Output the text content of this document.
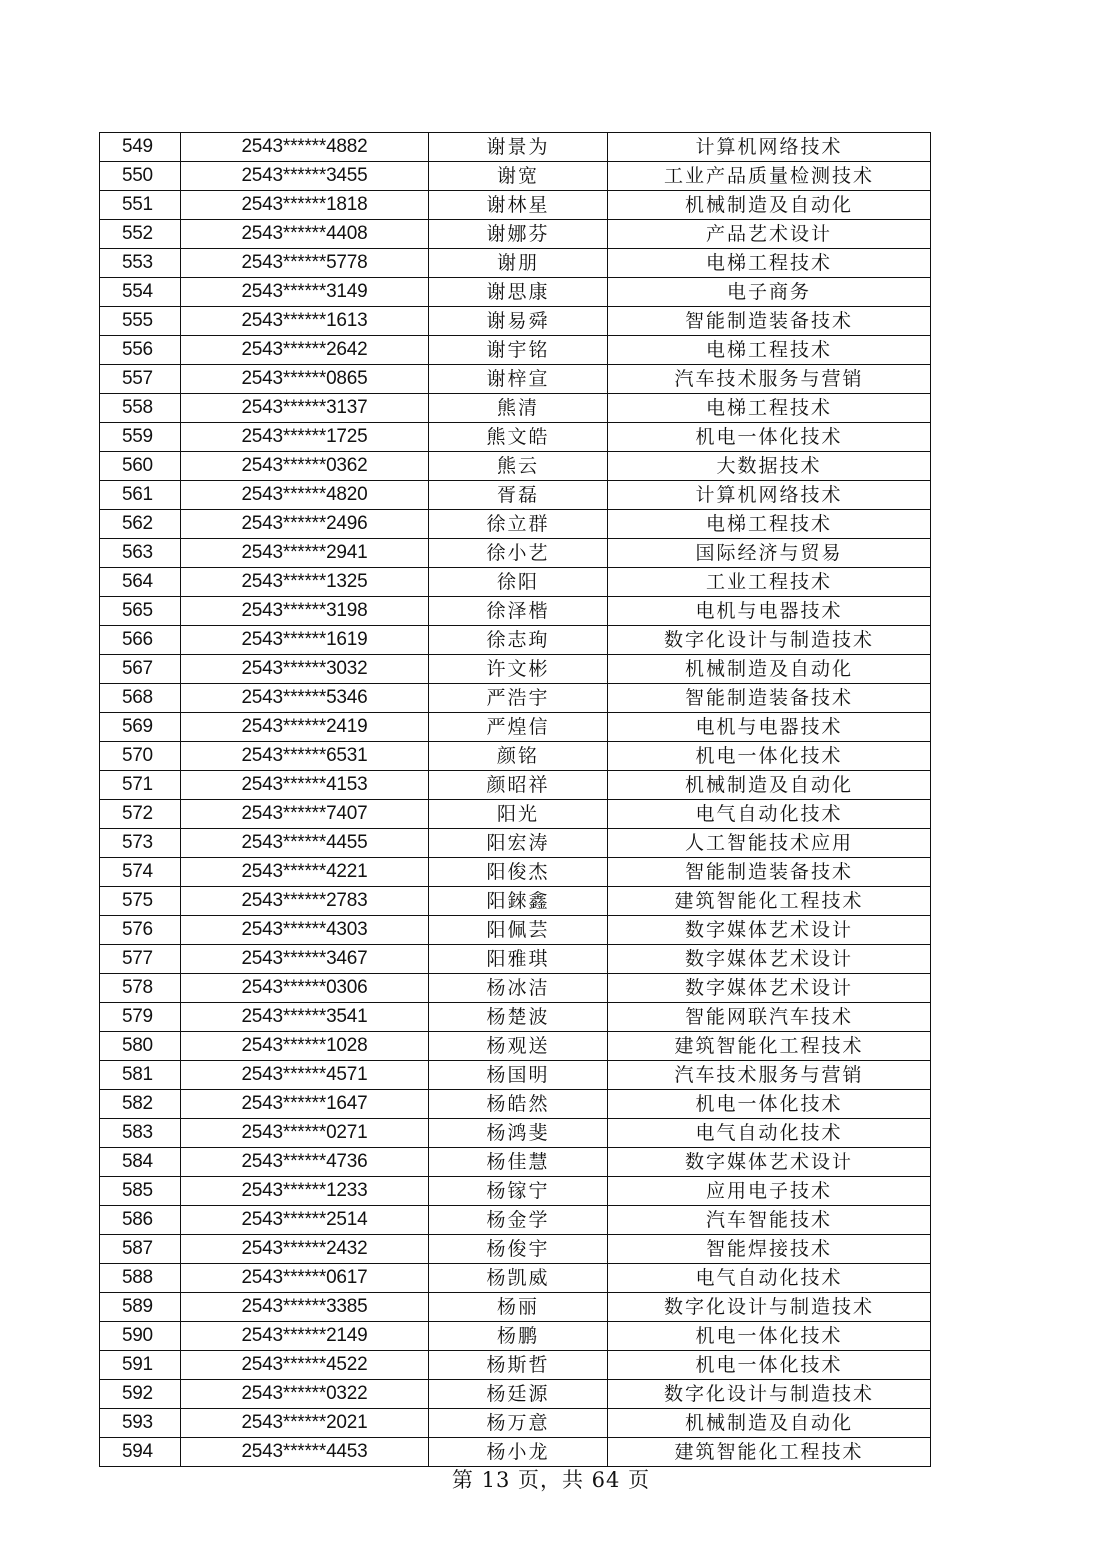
549	2543******4882	谢景为	计算机网络技术
550	2543******3455	谢宽	工业产品质量检测技术
551	2543******1818	谢林星	机械制造及自动化
552	2543******4408	谢娜芬	产品艺术设计
553	2543******5778	谢朋	电梯工程技术
554	2543******3149	谢思康	电子商务
555	2543******1613	谢易舜	智能制造装备技术
556	2543******2642	谢宇铭	电梯工程技术
557	2543******0865	谢梓宣	汽车技术服务与营销
558	2543******3137	熊清	电梯工程技术
559	2543******1725	熊文皓	机电一体化技术
560	2543******0362	熊云	大数据技术
561	2543******4820	胥磊	计算机网络技术
562	2543******2496	徐立群	电梯工程技术
563	2543******2941	徐小艺	国际经济与贸易
564	2543******1325	徐阳	工业工程技术
565	2543******3198	徐泽楷	电机与电器技术
566	2543******1619	徐志珣	数字化设计与制造技术
567	2543******3032	许文彬	机械制造及自动化
568	2543******5346	严浩宇	智能制造装备技术
569	2543******2419	严煌信	电机与电器技术
570	2543******6531	颜铭	机电一体化技术
571	2543******4153	颜昭祥	机械制造及自动化
572	2543******7407	阳光	电气自动化技术
573	2543******4455	阳宏涛	人工智能技术应用
574	2543******4221	阳俊杰	智能制造装备技术
575	2543******2783	阳錸鑫	建筑智能化工程技术
576	2543******4303	阳佩芸	数字媒体艺术设计
577	2543******3467	阳雅琪	数字媒体艺术设计
578	2543******0306	杨冰洁	数字媒体艺术设计
579	2543******3541	杨楚波	智能网联汽车技术
580	2543******1028	杨观送	建筑智能化工程技术
581	2543******4571	杨国明	汽车技术服务与营销
582	2543******1647	杨皓然	机电一体化技术
583	2543******0271	杨鸿斐	电气自动化技术
584	2543******4736	杨佳慧	数字媒体艺术设计
585	2543******1233	杨镓宁	应用电子技术
586	2543******2514	杨金学	汽车智能技术
587	2543******2432	杨俊宇	智能焊接技术
588	2543******0617	杨凯威	电气自动化技术
589	2543******3385	杨丽	数字化设计与制造技术
590	2543******2149	杨鹏	机电一体化技术
591	2543******4522	杨斯哲	机电一体化技术
592	2543******0322	杨廷源	数字化设计与制造技术
593	2543******2021	杨万意	机械制造及自动化
594	2543******4453	杨小龙	建筑智能化工程技术
第 13 页，共 64 页
